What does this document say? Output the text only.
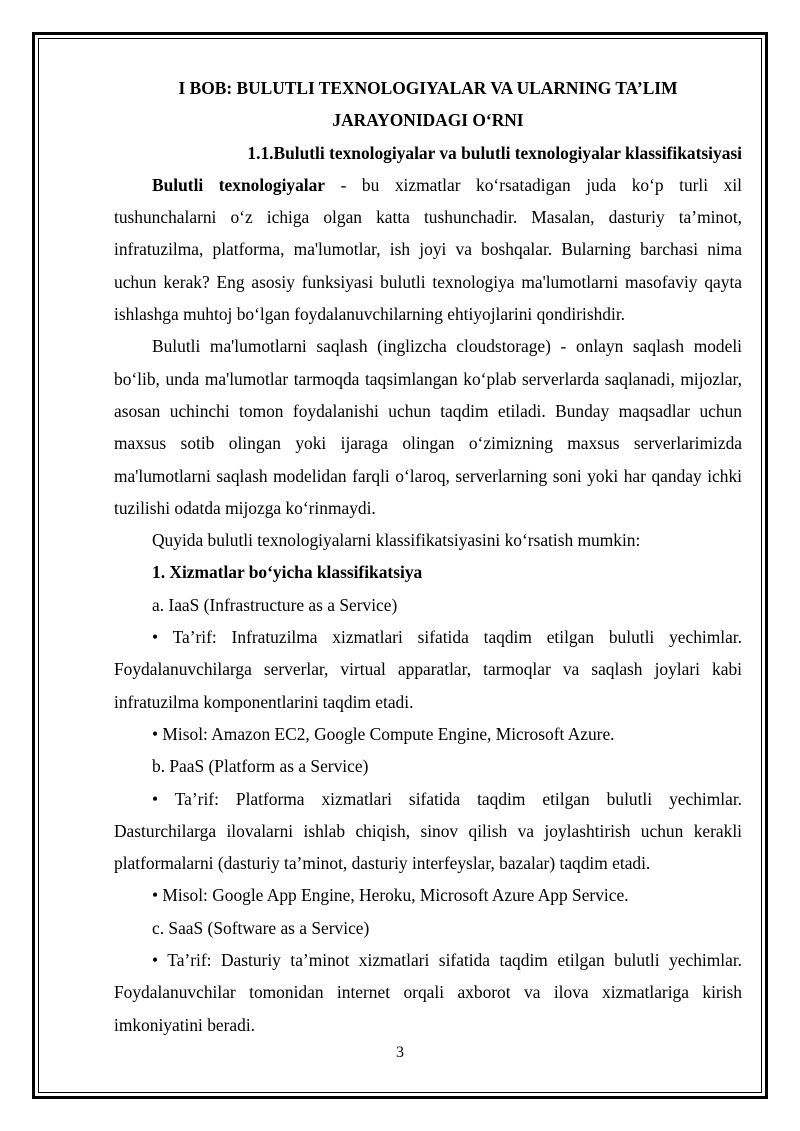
I BOB: BULUTLI TEXNOLOGIYALAR VA ULARNING TA’LIM
JARAYONIDAGI O‘RNI
1.1.Bulutli texnologiyalar va bulutli texnologiyalar klassifikatsiyasi

Bulutli texnologiyalar - bu xizmatlar ko‘rsatadigan juda ko‘p turli xil tushunchalarni o‘z ichiga olgan katta tushunchadir. Masalan, dasturiy ta’minot, infratuzilma, platforma, ma'lumotlar, ish joyi va boshqalar. Bularning barchasi nima uchun kerak? Eng asosiy funksiyasi bulutli texnologiya ma'lumotlarni masofaviy qayta ishlashga muhtoj bo‘lgan foydalanuvchilarning ehtiyojlarini qondirishdir.

Bulutli ma'lumotlarni saqlash (inglizcha cloudstorage) - onlayn saqlash modeli bo‘lib, unda ma'lumotlar tarmoqda taqsimlangan ko‘plab serverlarda saqlanadi, mijozlar, asosan uchinchi tomon foydalanishi uchun taqdim etiladi. Bunday maqsadlar uchun maxsus sotib olingan yoki ijaraga olingan o‘zimizning maxsus serverlarimizda ma'lumotlarni saqlash modelidan farqli o‘laroq, serverlarning soni yoki har qanday ichki tuzilishi odatda mijozga ko‘rinmaydi.

Quyida bulutli texnologiyalarni klassifikatsiyasini ko‘rsatish mumkin:

1. Xizmatlar bo‘yicha klassifikatsiya

a. IaaS (Infrastructure as a Service)

• Ta’rif: Infratuzilma xizmatlari sifatida taqdim etilgan bulutli yechimlar. Foydalanuvchilarga serverlar, virtual apparatlar, tarmoqlar va saqlash joylari kabi infratuzilma komponentlarini taqdim etadi.

• Misol: Amazon EC2, Google Compute Engine, Microsoft Azure.

b. PaaS (Platform as a Service)

• Ta’rif: Platforma xizmatlari sifatida taqdim etilgan bulutli yechimlar. Dasturchilarga ilovalarni ishlab chiqish, sinov qilish va joylashtirish uchun kerakli platformalarni (dasturiy ta’minot, dasturiy interfeyslar, bazalar) taqdim etadi.

• Misol: Google App Engine, Heroku, Microsoft Azure App Service.

c. SaaS (Software as a Service)

• Ta’rif: Dasturiy ta’minot xizmatlari sifatida taqdim etilgan bulutli yechimlar. Foydalanuvchilar tomonidan internet orqali axborot va ilova xizmatlariga kirish imkoniyatini beradi.

3
